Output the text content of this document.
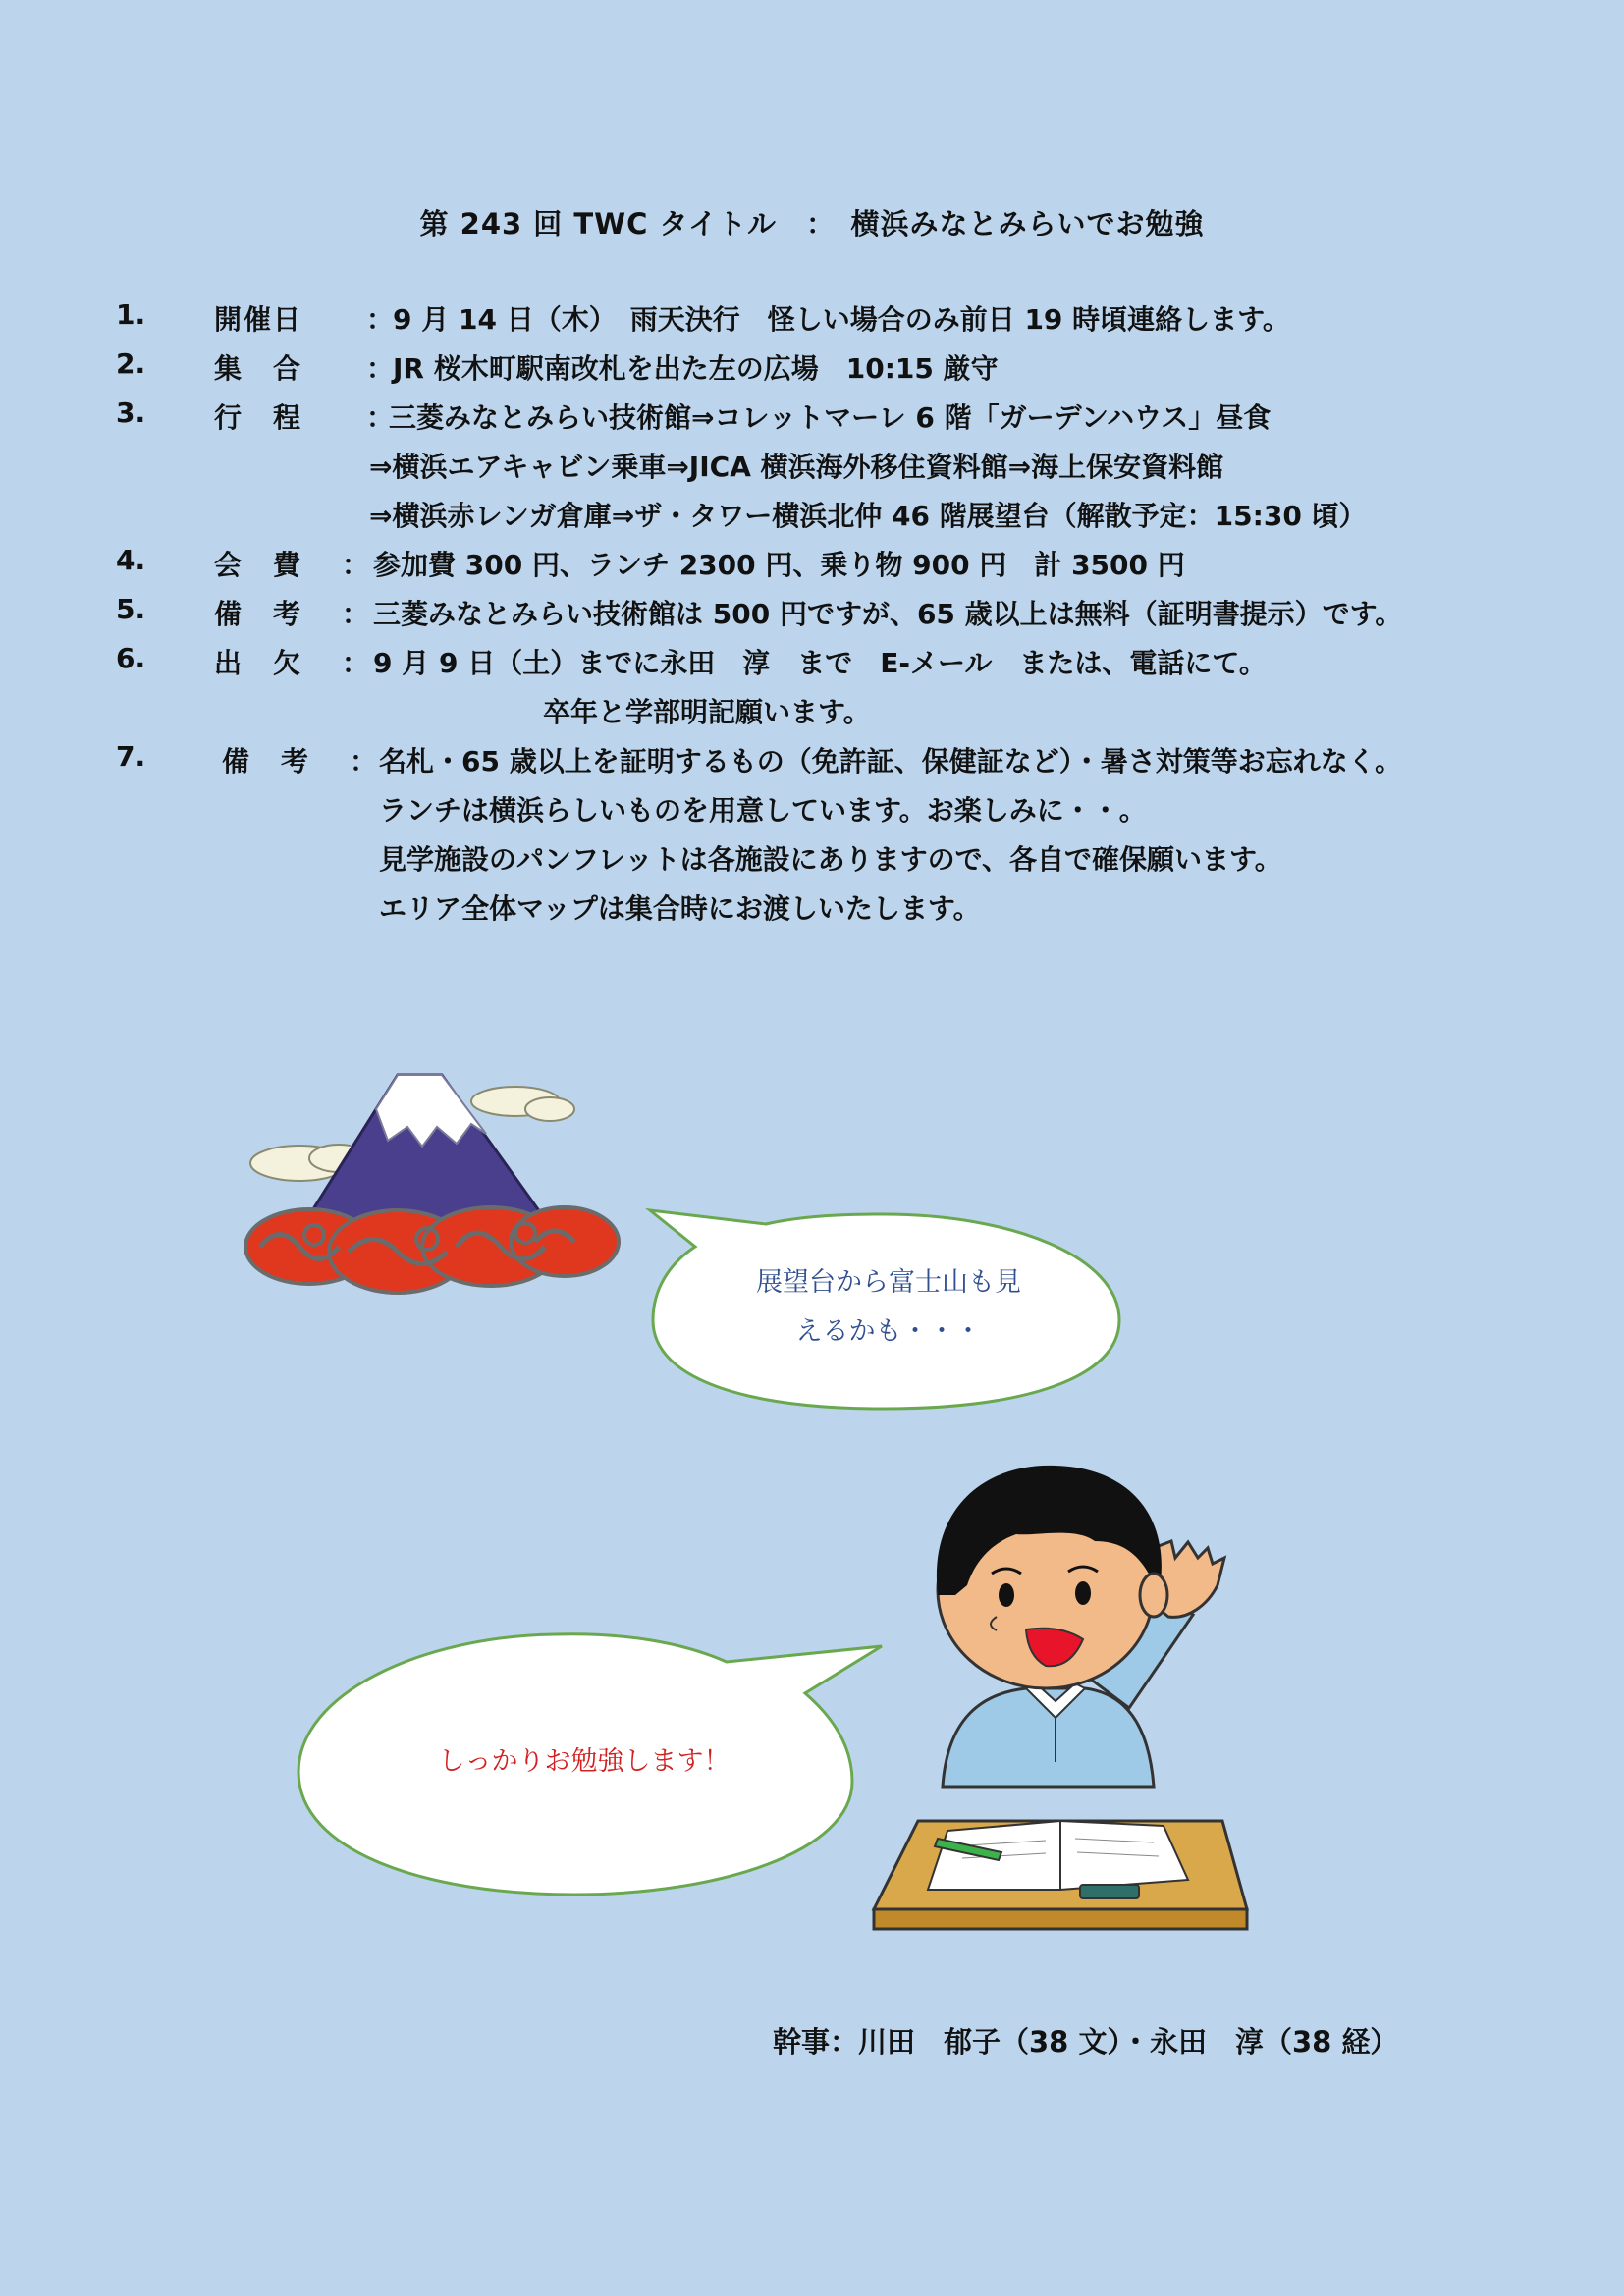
第 243 回 TWC タイトル　：　横浜みなとみらいでお勉強
1. 開催日 ：
9 月 14 日（木）　雨天決行　怪しい場合のみ前日 19 時頃連絡します。
2. 集　合 ：
JR 桜木町駅南改札を出た左の広場　10:15 厳守
3. 行　程 ：
三菱みなとみらい技術館⇒コレットマーレ 6 階「ガーデンハウス」昼食
⇒横浜エアキャビン乗車⇒JICA 横浜海外移住資料館⇒海上保安資料館
⇒横浜赤レンガ倉庫⇒ザ・タワー横浜北仲 46 階展望台（解散予定：15:30 頃）
4. 会　費 ： 参加費 300 円、ランチ 2300 円、乗り物 900 円　計 3500 円
5. 備　考 ： 三菱みなとみらい技術館は 500 円ですが、65 歳以上は無料（証明書提示）です。
6. 出　欠 ： 9 月 9 日（土）までに永田　淳　まで　E-メール　または、電話にて。
卒年と学部明記願います。
7.	備　考 ： 名札・65 歳以上を証明するもの（免許証、保健証など）・暑さ対策等お忘れなく。
ランチは横浜らしいものを用意しています。お楽しみに・・。
見学施設のパンフレットは各施設にありますので、各自で確保願います。
エリア全体マップは集合時にお渡しいたします。
展望台から富士山も見
えるかも・・・
しっかりお勉強します！
幹事：川田　郁子（38 文）・永田　淳（38 経）
